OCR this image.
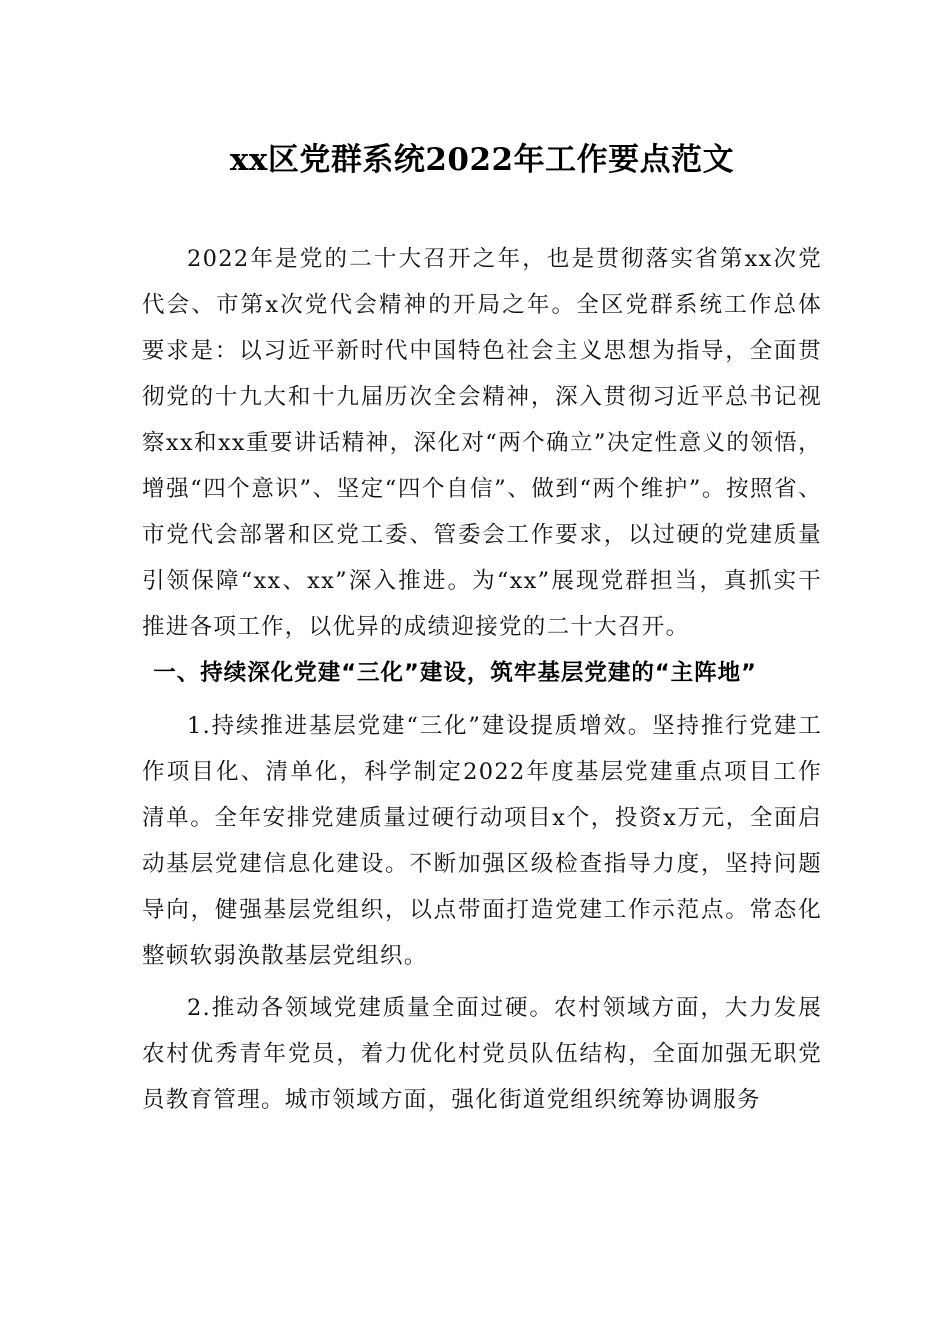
xx区党群系统2022年工作要点范文

2022年是党的二十大召开之年，也是贯彻落实省第xx次党代会、市第x次党代会精神的开局之年。全区党群系统工作总体要求是：以习近平新时代中国特色社会主义思想为指导，全面贯彻党的十九大和十九届历次全会精神，深入贯彻习近平总书记视察xx和xx重要讲话精神，深化对“两个确立”决定性意义的领悟，增强“四个意识”、坚定“四个自信”、做到“两个维护”。按照省、市党代会部署和区党工委、管委会工作要求，以过硬的党建质量引领保障“xx、xx”深入推进。为“xx”展现党群担当，真抓实干推进各项工作，以优异的成绩迎接党的二十大召开。

一、持续深化党建“三化”建设，筑牢基层党建的“主阵地”

1.持续推进基层党建“三化”建设提质增效。坚持推行党建工作项目化、清单化，科学制定2022年度基层党建重点项目工作清单。全年安排党建质量过硬行动项目x个，投资x万元，全面启动基层党建信息化建设。不断加强区级检查指导力度，坚持问题导向，健强基层党组织，以点带面打造党建工作示范点。常态化整顿软弱涣散基层党组织。

2.推动各领域党建质量全面过硬。农村领域方面，大力发展农村优秀青年党员，着力优化村党员队伍结构，全面加强无职党员教育管理。城市领域方面，强化街道党组织统筹协调服务
